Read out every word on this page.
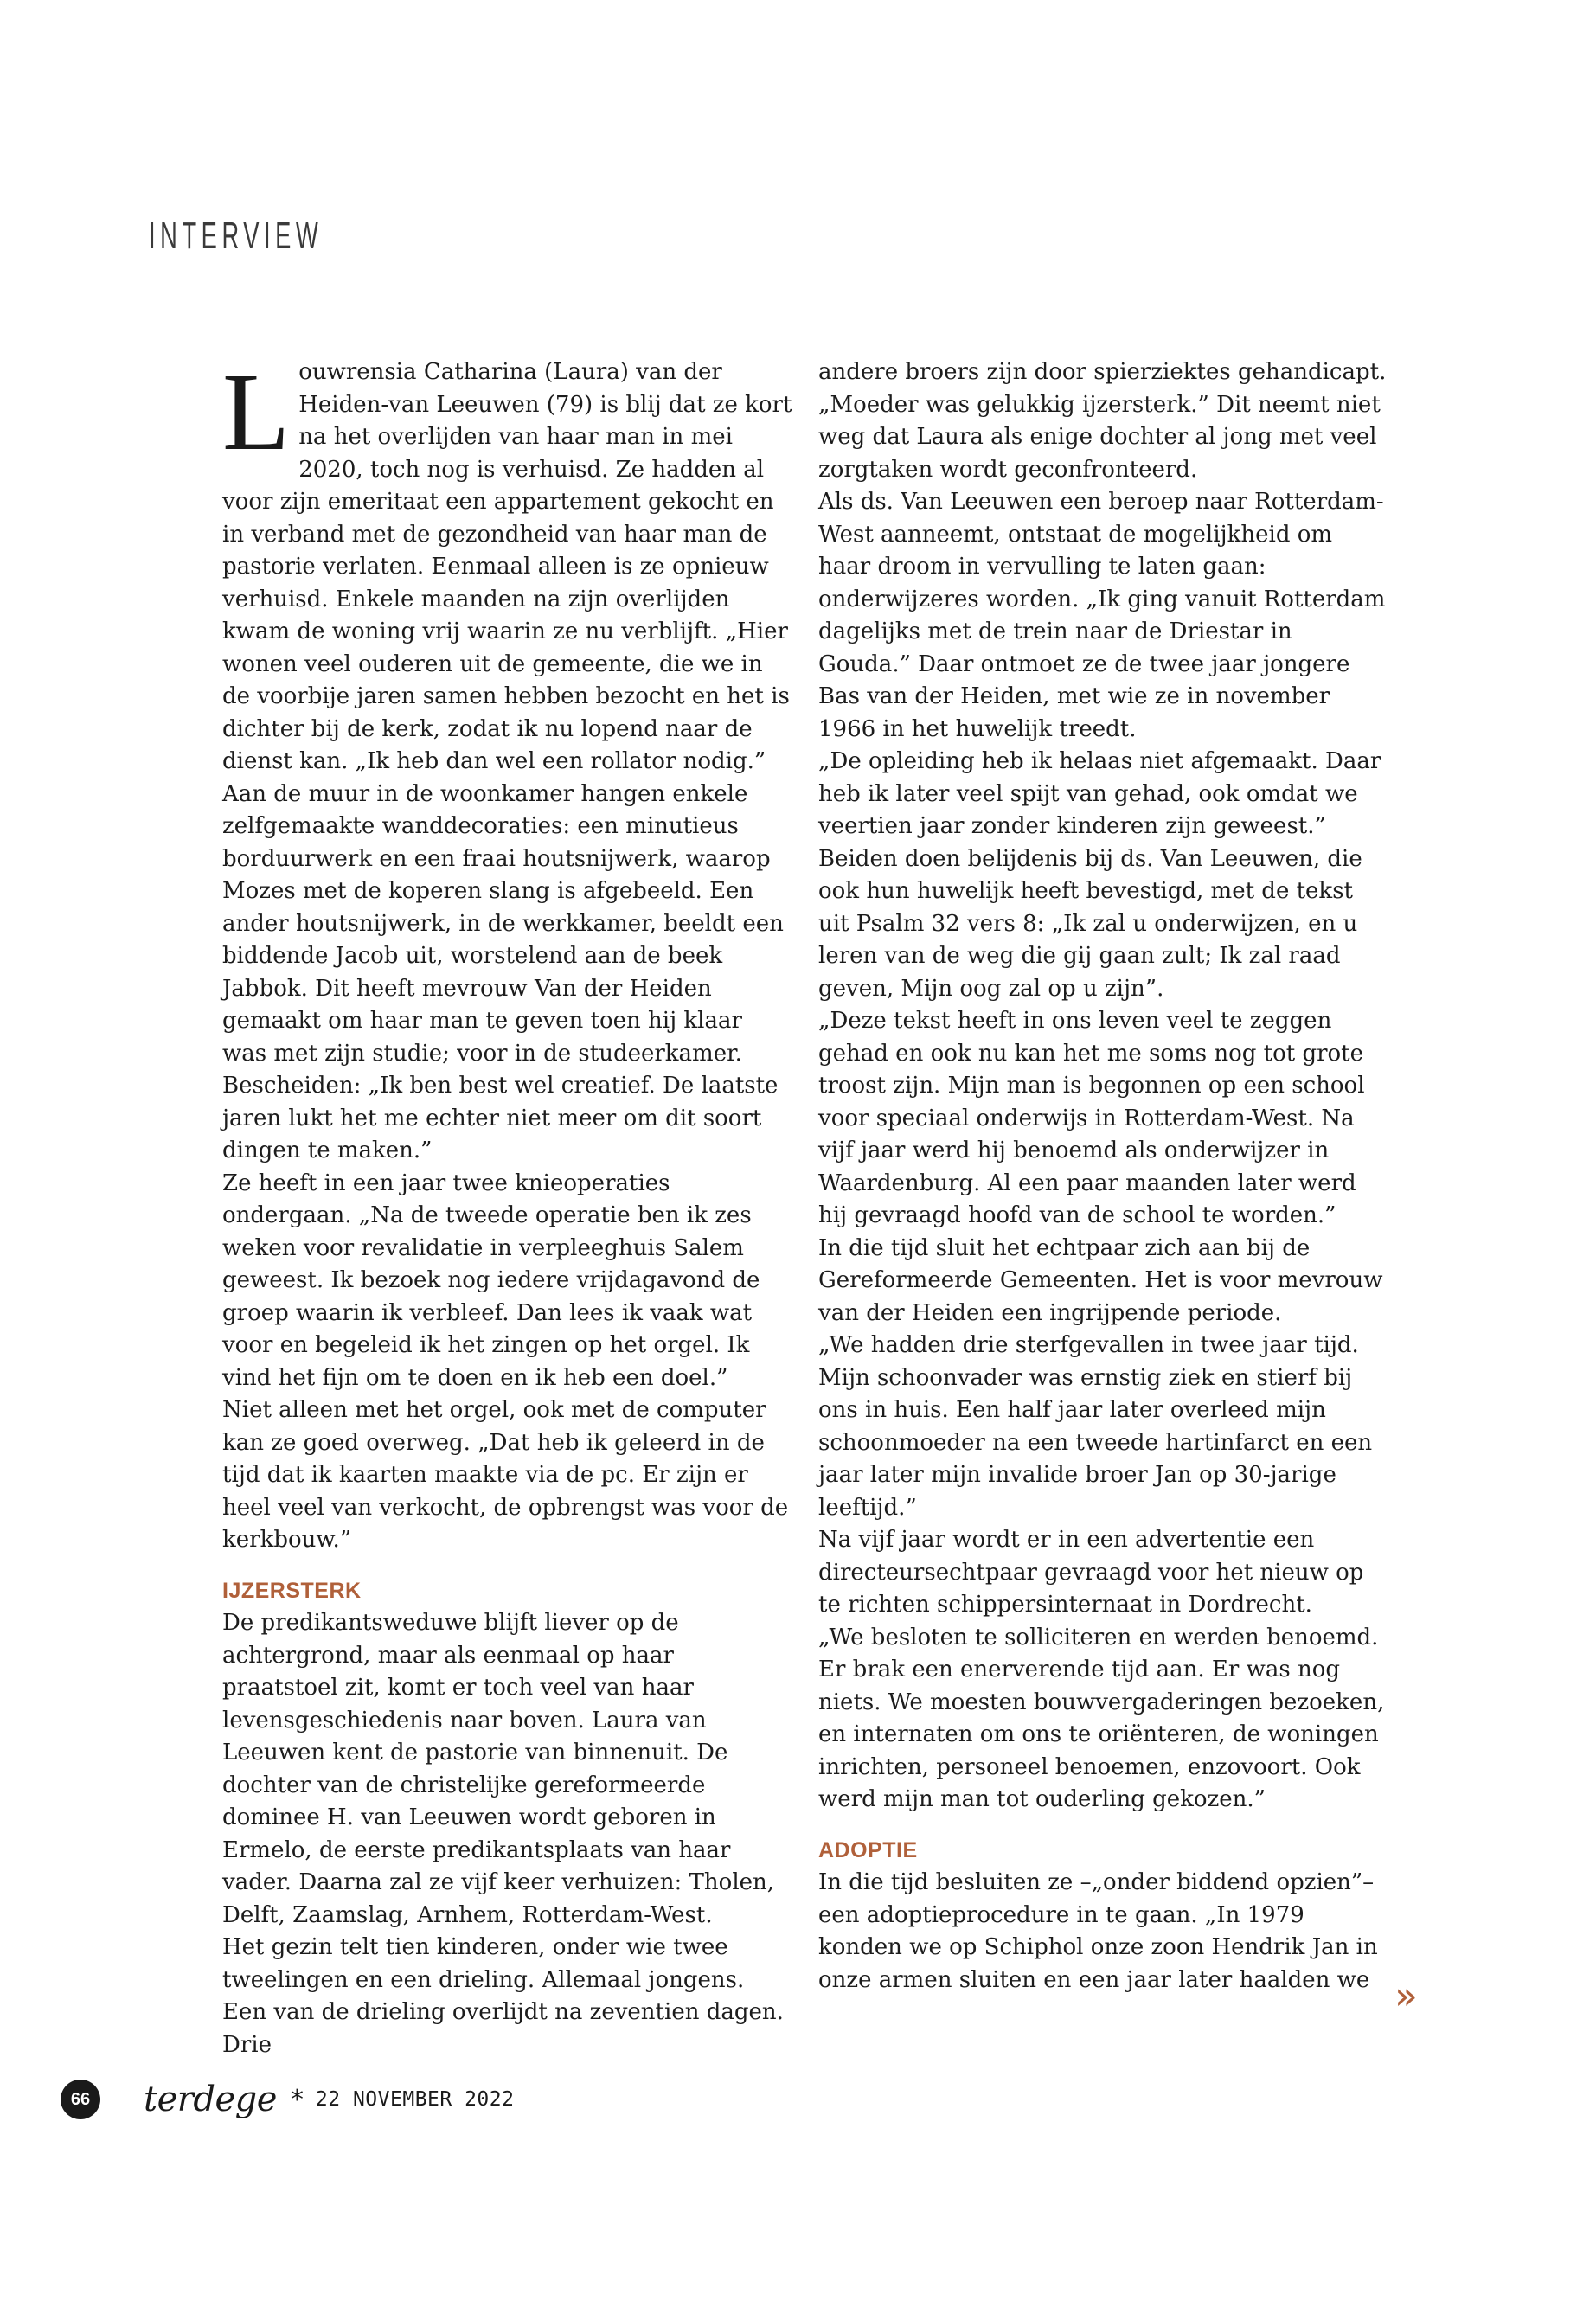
INTERVIEW
L ouwrensia Catharina (Laura) van der Heiden-van Leeuwen (79) is blij dat ze kort na het overlijden van haar man in mei 2020, toch nog is verhuisd. Ze hadden al voor zijn emeritaat een appartement gekocht en in verband met de gezondheid van haar man de pastorie verlaten. Eenmaal alleen is ze opnieuw verhuisd. Enkele maanden na zijn overlijden kwam de woning vrij waarin ze nu verblijft. „Hier wonen veel ouderen uit de gemeente, die we in de voorbije jaren samen hebben bezocht en het is dichter bij de kerk, zodat ik nu lopend naar de dienst kan. „Ik heb dan wel een rollator nodig.”

Aan de muur in de woonkamer hangen enkele zelfgemaakte wanddecoraties: een minutieus borduurwerk en een fraai houtsnijwerk, waarop Mozes met de koperen slang is afgebeeld. Een ander houtsnijwerk, in de werkkamer, beeldt een biddende Jacob uit, worstelend aan de beek Jabbok. Dit heeft mevrouw Van der Heiden gemaakt om haar man te geven toen hij klaar was met zijn studie; voor in de studeerkamer. Bescheiden: „Ik ben best wel creatief. De laatste jaren lukt het me echter niet meer om dit soort dingen te maken.”

Ze heeft in een jaar twee knieoperaties ondergaan. „Na de tweede operatie ben ik zes weken voor revalidatie in verpleeghuis Salem geweest. Ik bezoek nog iedere vrijdagavond de groep waarin ik verbleef. Dan lees ik vaak wat voor en begeleid ik het zingen op het orgel. Ik vind het fijn om te doen en ik heb een doel.”

Niet alleen met het orgel, ook met de computer kan ze goed overweg. „Dat heb ik geleerd in de tijd dat ik kaarten maakte via de pc. Er zijn er heel veel van verkocht, de opbrengst was voor de kerkbouw.”

IJZERSTERK

De predikantsweduwe blijft liever op de achtergrond, maar als eenmaal op haar praatstoel zit, komt er toch veel van haar levensgeschiedenis naar boven. Laura van Leeuwen kent de pastorie van binnenuit. De dochter van de christelijke gereformeerde dominee H. van Leeuwen wordt geboren in Ermelo, de eerste predikantsplaats van haar vader. Daarna zal ze vijf keer verhuizen: Tholen, Delft, Zaamslag, Arnhem, Rotterdam-West.

Het gezin telt tien kinderen, onder wie twee tweelingen en een drieling. Allemaal jongens. Een van de drieling overlijdt na zeventien dagen. Drie

andere broers zijn door spierziektes gehandicapt. „Moeder was gelukkig ijzersterk.” Dit neemt niet weg dat Laura als enige dochter al jong met veel zorgtaken wordt geconfronteerd.

Als ds. Van Leeuwen een beroep naar Rotterdam-West aanneemt, ontstaat de mogelijkheid om haar droom in vervulling te laten gaan: onderwijzeres worden. „Ik ging vanuit Rotterdam dagelijks met de trein naar de Driestar in Gouda.” Daar ontmoet ze de twee jaar jongere Bas van der Heiden, met wie ze in november 1966 in het huwelijk treedt.

„De opleiding heb ik helaas niet afgemaakt. Daar heb ik later veel spijt van gehad, ook omdat we veertien jaar zonder kinderen zijn geweest.” Beiden doen belijdenis bij ds. Van Leeuwen, die ook hun huwelijk heeft bevestigd, met de tekst uit Psalm 32 vers 8: „Ik zal u onderwijzen, en u leren van de weg die gij gaan zult; Ik zal raad geven, Mijn oog zal op u zijn”.

„Deze tekst heeft in ons leven veel te zeggen gehad en ook nu kan het me soms nog tot grote troost zijn. Mijn man is begonnen op een school voor speciaal onderwijs in Rotterdam-West. Na vijf jaar werd hij benoemd als onderwijzer in Waardenburg. Al een paar maanden later werd hij gevraagd hoofd van de school te worden.”

In die tijd sluit het echtpaar zich aan bij de Gereformeerde Gemeenten. Het is voor mevrouw van der Heiden een ingrijpende periode.

„We hadden drie sterfgevallen in twee jaar tijd. Mijn schoonvader was ernstig ziek en stierf bij ons in huis. Een half jaar later overleed mijn schoonmoeder na een tweede hartinfarct en een jaar later mijn invalide broer Jan op 30-jarige leeftijd.”

Na vijf jaar wordt er in een advertentie een directeursechtpaar gevraagd voor het nieuw op te richten schippersinternaat in Dordrecht.

„We besloten te solliciteren en werden benoemd. Er brak een enerverende tijd aan. Er was nog niets. We moesten bouwvergaderingen bezoeken, en internaten om ons te oriënteren, de woningen inrichten, personeel benoemen, enzovoort. Ook werd mijn man tot ouderling gekozen.”

ADOPTIE

In die tijd besluiten ze –„onder biddend opzien”– een adoptieprocedure in te gaan. „In 1979 konden we op Schiphol onze zoon Hendrik Jan in onze armen sluiten en een jaar later haalden we »
66 terdege * 22 NOVEMBER 2022
